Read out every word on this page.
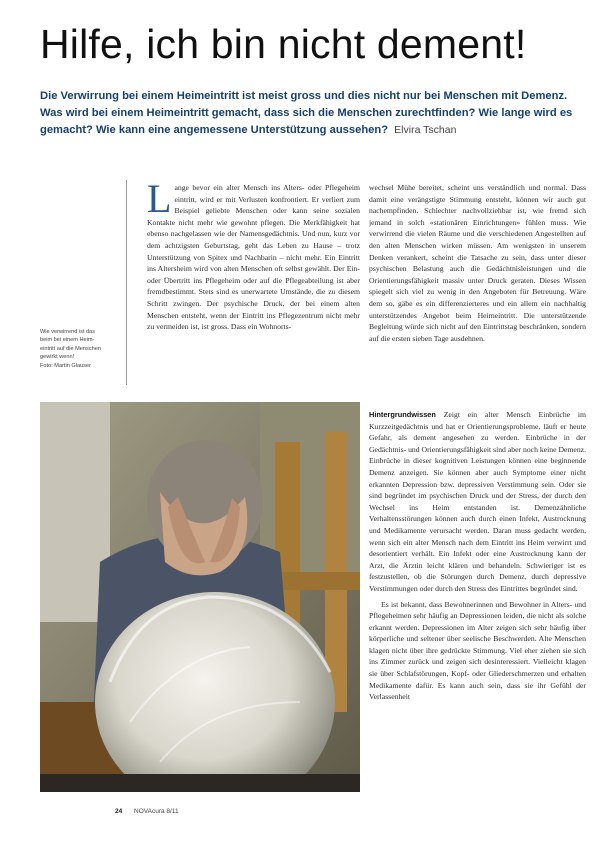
Hilfe, ich bin nicht dement!
Die Verwirrung bei einem Heimeintritt ist meist gross und dies nicht nur bei Menschen mit Demenz. Was wird bei einem Heimeintritt gemacht, dass sich die Menschen zurechtfinden? Wie lange wird es gemacht? Wie kann eine angemessene Unterstützung aussehen? Elvira Tschan
Wie verwirrend ist das
beim bei einem Heim-
eintritt auf die Menschen
gewirkt wenn!
Foto: Martin Glauser
Lange bevor ein alter Mensch ins Alters- oder Pflegeheim eintritt, wird er mit Verlusten konfrontiert. Er verliert zum Beispiel geliebte Menschen oder kann seine sozialen Kontakte nicht mehr wie gewohnt pflegen. Die Merkfähigkeit hat ebenso nachgelassen wie der Namensgedächtnis. Und nun, kurz vor dem achtzigsten Geburtstag, geht das Leben zu Hause – trotz Unterstützung von Spitex und Nachbarin – nicht mehr. Ein Eintritt ins Altersheim wird von alten Menschen oft selbst gewählt. Der Ein- oder Übertritt ins Pflegeheim oder auf die Pflegeabteilung ist aber fremdbestimmt. Stets sind es unerwartete Umstände, die zu diesem Schritt zwingen. Der psychische Druck, der bei einem alten Menschen entsteht, wenn der Eintritt ins Pflegezentrum nicht mehr zu vermeiden ist, ist gross. Dass ein Wohnorts-
wechsel Mühe bereitet, scheint uns verständlich und normal. Dass damit eine verängstigte Stimmung entsteht, können wir auch gut nachempfinden. Schlechter nachvollziehbar ist, wie fremd sich jemand in solch «stationären Einrichtungen» fühlen muss. Wie verwirrend die vielen Räume und die verschiedenen Angestellten auf den alten Menschen wirken müssen. Am wenigsten in unserem Denken verankert, scheint die Tatsache zu sein, dass unter dieser psychischen Belastung auch die Gedächtnisleistungen und die Orientierungsfähigkeit massiv unter Druck geraten. Dieses Wissen spiegelt sich viel zu wenig in den Angeboten für Betreuung. Wäre dem so, gäbe es ein differenzierteres und ein allem ein nachhaltig unterstützendes Angebot beim Heimeintritt. Die unterstützende Begleitung würde sich nicht auf den Eintrittstag beschränken, sondern auf die ersten sieben Tage ausdehnen.

Hintergrundwissen Zeigt ein alter Mensch Einbrüche im Kurzzeitgedächtnis und hat er Orientierungsprobleme, läuft er heute Gefahr, als dement angesehen zu werden. Einbrüche in der Gedächtnis- und Orientierungsfähigkeit sind aber noch keine Demenz. Einbrüche in dieser kognitiven Leistungen können eine beginnende Demenz anzeigen. Sie können aber auch Symptome einer nicht erkannten Depression bzw. depressiven Verstimmung sein. Oder sie sind begründet im psychischen Druck und der Stress, der durch den Wechsel ins Heim entstanden ist. Demenzähnliche Verhaltensstörungen können auch durch einen Infekt, Austrocknung und Medikamente verursacht werden. Daran muss gedacht werden, wenn sich ein alter Mensch nach dem Eintritt ins Heim verwirrt und desorientiert verhält. Ein Infekt oder eine Austrocknung kann der Arzt, die Ärztin leicht klären und behandeln. Schwieriger ist es festzustellen, ob die Störungen durch Demenz, durch depressive Verstimmungen oder durch den Stress des Eintrittes begründet sind.

Es ist bekannt, dass Bewohnerinnen und Bewohner in Alters- und Pflegeheimen sehr häufig an Depressionen leiden, die nicht als solche erkannt werden. Depressionen im Alter zeigen sich sehr häufig über körperliche und seltener über seelische Beschwerden. Alte Menschen klagen nicht über ihre gedrückte Stimmung. Viel eher ziehen sie sich ins Zimmer zurück und zeigen sich desinteressiert. Vielleicht klagen sie über Schlafstörungen, Kopf- oder Gliederschmerzen und erhalten Medikamente dafür. Es kann auch sein, dass sie ihr Gefühl der Verlassenheit

24 NOVAcura 8/11
